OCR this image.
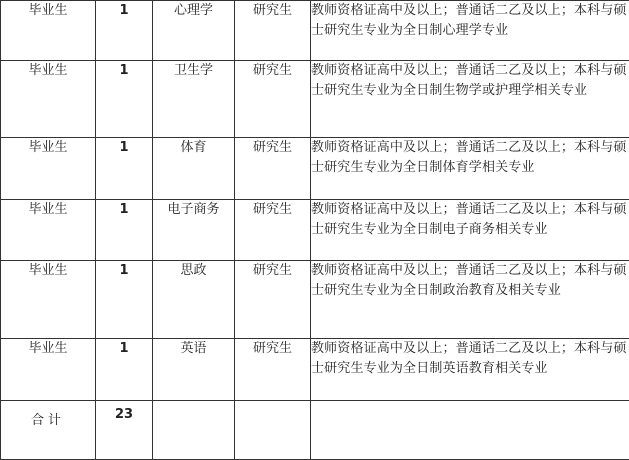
毕业生	1	心理学	研究生	教师资格证高中及以上；普通话二乙及以上；本科与硕士研究生专业为全日制心理学专业
毕业生	1	卫生学	研究生	教师资格证高中及以上；普通话二乙及以上；本科与硕士研究生专业为全日制生物学或护理学相关专业
毕业生	1	体育	研究生	教师资格证高中及以上；普通话二乙及以上；本科与硕士研究生专业为全日制体育学相关专业
毕业生	1	电子商务	研究生	教师资格证高中及以上；普通话二乙及以上；本科与硕士研究生专业为全日制电子商务相关专业
毕业生	1	思政	研究生	教师资格证高中及以上；普通话二乙及以上；本科与硕士研究生专业为全日制政治教育及相关专业
毕业生	1	英语	研究生	教师资格证高中及以上；普通话二乙及以上；本科与硕士研究生专业为全日制英语教育相关专业
合计	23			
